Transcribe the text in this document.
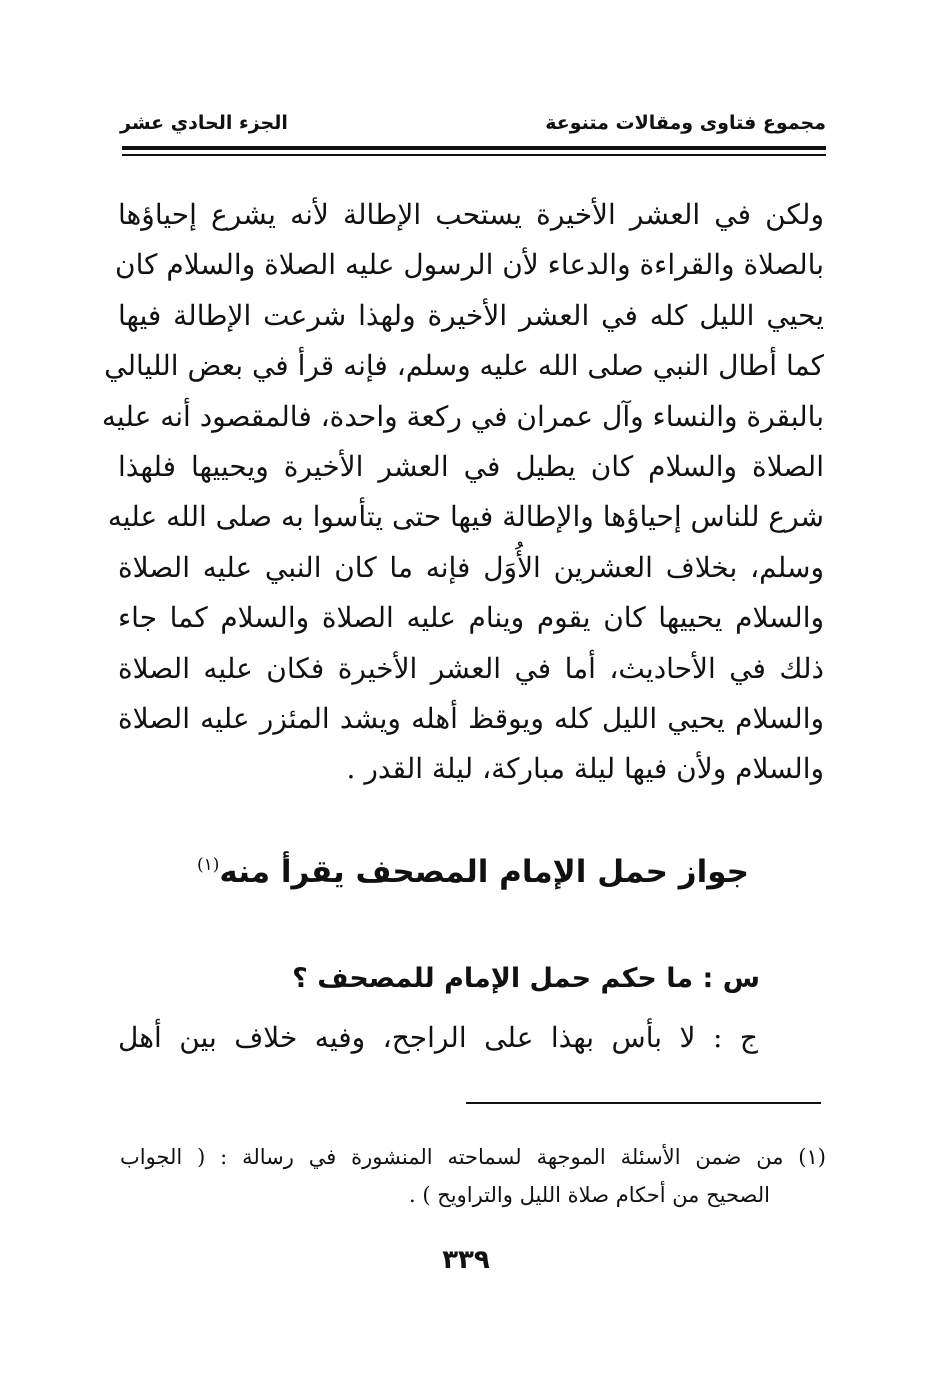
مجموع فتاوى ومقالات متنوعة
الجزء الحادي عشر
ولكن في العشر الأخيرة يستحب الإطالة لأنه يشرع إحياؤها
بالصلاة والقراءة والدعاء لأن الرسول عليه الصلاة والسلام كان
يحيي الليل كله في العشر الأخيرة ولهذا شرعت الإطالة فيها
كما أطال النبي صلى الله عليه وسلم، فإنه قرأ في بعض الليالي
بالبقرة والنساء وآل عمران في ركعة واحدة، فالمقصود أنه عليه
الصلاة والسلام كان يطيل في العشر الأخيرة ويحييها فلهذا
شرع للناس إحياؤها والإطالة فيها حتى يتأسوا به صلى الله عليه
وسلم، بخلاف العشرين الأُوَل فإنه ما كان النبي عليه الصلاة
والسلام يحييها كان يقوم وينام عليه الصلاة والسلام كما جاء
ذلك في الأحاديث، أما في العشر الأخيرة فكان عليه الصلاة
والسلام يحيي الليل كله ويوقظ أهله ويشد المئزر عليه الصلاة
والسلام ولأن فيها ليلة مباركة، ليلة القدر .
جواز حمل الإمام المصحف يقرأ منه$^{(١)}$
س : ما حكم حمل الإمام للمصحف ؟
ج : لا بأس بهذا على الراجح، وفيه خلاف بين أهل
(١) من ضمن الأسئلة الموجهة لسماحته المنشورة في رسالة : ( الجواب
الصحيح من أحكام صلاة الليل والتراويح ) .
٣٣٩
